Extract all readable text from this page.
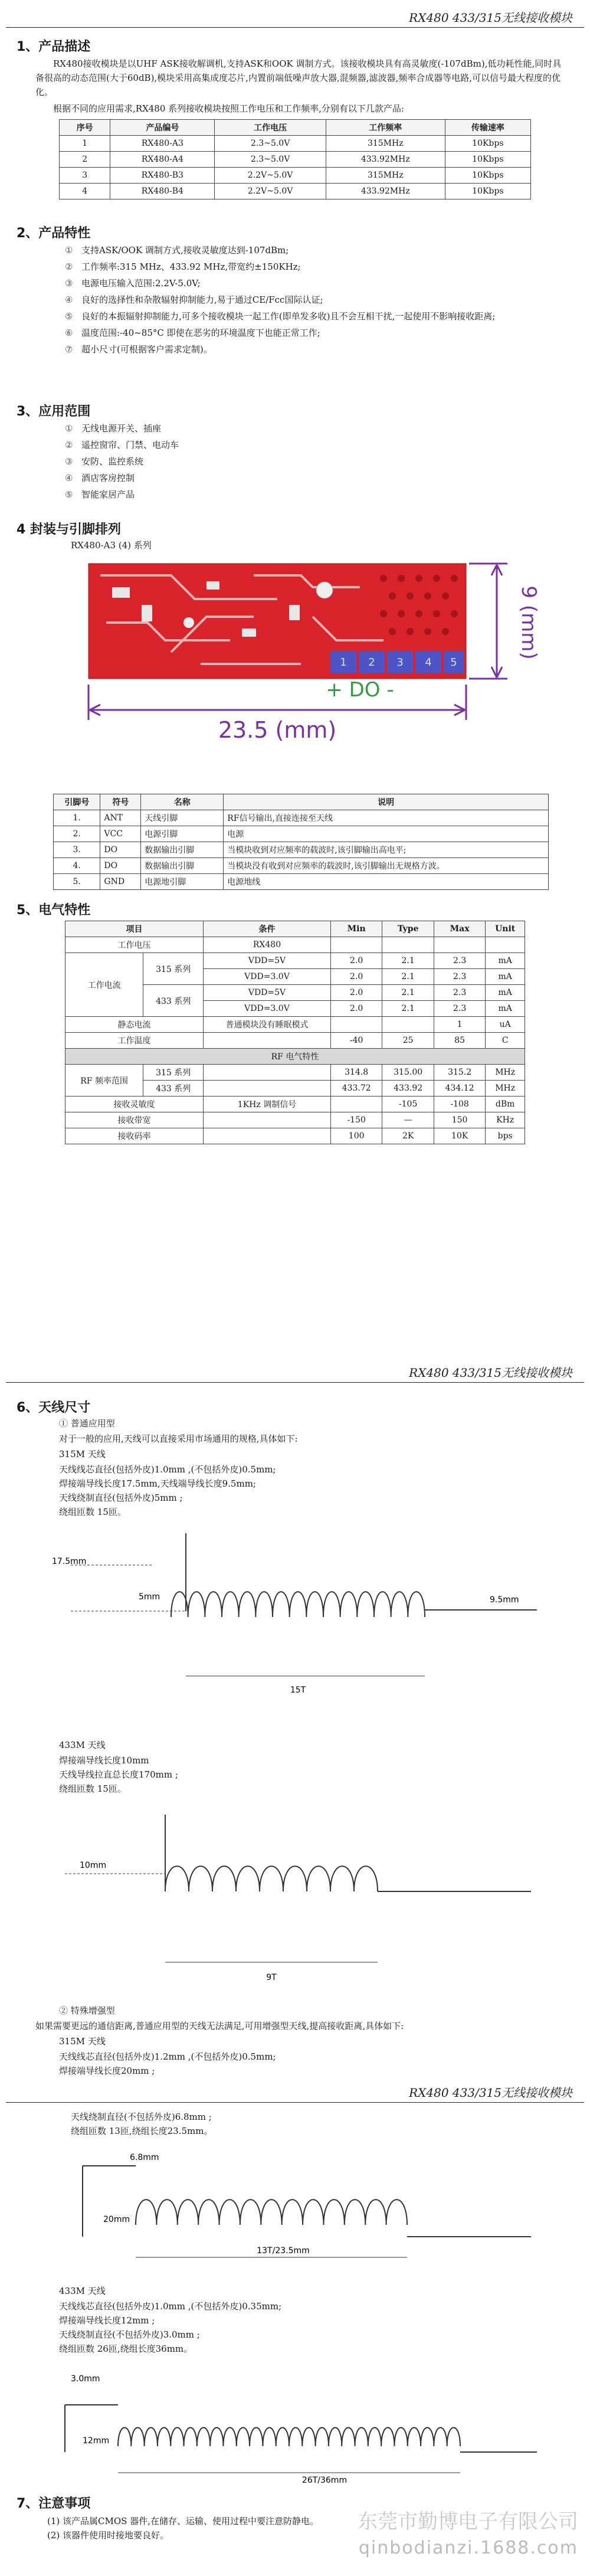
RX480 433/315无线接收模块
1、产品描述
RX480接收模块是以UHF ASK接收解调机,支持ASK和OOK 调制方式。该接收模块具有高灵敏度(-107dBm),低功耗性能,同时具备很高的动态范围(大于60dB),模块采用高集成度芯片,内置前端低噪声放大器,混频器,滤波器,频率合成器等电路,可以信号最大程度的优化。
根据不同的应用需求,RX480 系列接收模块按照工作电压和工作频率,分别有以下几款产品:
序号	产品编号	工作电压	工作频率	传输速率
1	RX480-A3	2.3~5.0V	315MHz	10Kbps
2	RX480-A4	2.3~5.0V	433.92MHz	10Kbps
3	RX480-B3	2.2V~5.0V	315MHz	10Kbps
4	RX480-B4	2.2V~5.0V	433.92MHz	10Kbps
2、产品特性
① 支持ASK/OOK 调制方式,接收灵敏度达到-107dBm;
② 工作频率:315 MHz、433.92 MHz,带宽约±150KHz;
③ 电源电压输入范围:2.2V-5.0V;
④ 良好的选择性和杂散辐射抑制能力,易于通过CE/Fcc国际认证;
⑤ 良好的本振辐射抑制能力,可多个接收模块一起工作(即单发多收)且不会互相干扰,一起使用不影响接收距离;
⑥ 温度范围:-40~85°C 即使在恶劣的环境温度下也能正常工作;
⑦ 超小尺寸(可根据客户需求定制)。
3、应用范围
① 无线电源开关、插座
② 遥控窗帘、门禁、电动车
③ 安防、监控系统
④ 酒店客房控制
⑤ 智能家居产品
4 封装与引脚排列
RX480-A3 (4) 系列
1 2 3 4 5
+ DO -
23.5 (mm)
9 (mm)
引脚号	符号	名称	说明
1.	ANT	天线引脚	RF信号输出,直接连接至天线
2.	VCC	电源引脚	电源
3.	DO	数据输出引脚	当模块收到对应频率的载波时,该引脚输出高电平;
4.	DO	数据输出引脚	当模块没有收到对应频率的载波时,该引脚输出无规格方波。
5.	GND	电源地引脚	电源地线
5、电气特性
项目		条件	Min	Type	Max	Unit
工作电压		RX480				
工作电流	315 系列	VDD=5V	2.0	2.1	2.3	mA
		VDD=3.0V	2.0	2.1	2.3	mA
	433 系列	VDD=5V	2.0	2.1	2.3	mA
		VDD=3.0V	2.0	2.1	2.3	mA
静态电流		普通模块没有睡眠模式			1	uA
工作温度			-40	25	85	C
RF 电气特性						
RF 频率范围	315 系列		314.8	315.00	315.2	MHz
	433 系列		433.72	433.92	434.12	MHz
接收灵敏度		1KHz 调制信号		-105	-108	dBm
接收带宽			-150	—	150	KHz
接收码率			100	2K	10K	bps
RX480 433/315无线接收模块
6、天线尺寸
① 普通应用型
对于一般的应用,天线可以直接采用市场通用的规格,具体如下:
315M 天线
天线线芯直径(包括外皮)1.0mm ,(不包括外皮)0.5mm;
焊接端导线长度17.5mm,天线端导线长度9.5mm;
天线绕制直径(包括外皮)5mm ;
绕组匝数 15匝。
17.5mm
5mm	9.5mm
15T
433M 天线
焊接端导线长度10mm
天线导线拉直总长度170mm ;
绕组匝数 15匝。
10mm
9T
② 特殊增强型
如果需要更远的通信距离,普通应用型的天线无法满足,可用增强型天线,提高接收距离,具体如下:
315M 天线
天线线芯直径(包括外皮)1.2mm ,(不包括外皮)0.5mm;
焊接端导线长度20mm ;
RX480 433/315无线接收模块
天线绕制直径(不包括外皮)6.8mm ;
绕组匝数 13匝,绕组长度23.5mm。
6.8mm
20mm
13T/23.5mm
433M 天线
天线线芯直径(包括外皮)1.0mm ,(不包括外皮)0.35mm;
焊接端导线长度12mm ;
天线绕制直径(不包括外皮)3.0mm ;
绕组匝数 26匝,绕组长度36mm。
3.0mm
12mm
26T/36mm
7、注意事项
(1) 该产品属CMOS 器件,在储存、运输、使用过程中要注意防静电。
(2) 该器件使用时接地要良好。
东莞市勤博电子有限公司
qinbodianzi.1688.com
